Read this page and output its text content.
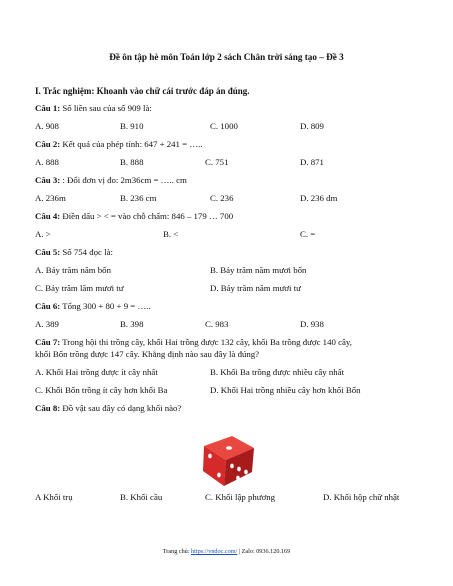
Đề ôn tập hè môn Toán lớp 2 sách Chân trời sáng tạo – Đề 3
I. Trắc nghiệm: Khoanh vào chữ cái trước đáp án đúng.
Câu 1: Số liền sau của số 909 là:
A. 908	B. 910	C. 1000	D. 809
Câu 2: Kết quả của phép tính: 647 + 241 = …..
A. 888	B. 888	C. 751	D. 871
Câu 3: : Đổi đơn vị đo: 2m36cm = ….. cm
A. 236m	B. 236 cm	C. 236	D. 236 dm
Câu 4: Điền dấu > < = vào chỗ chấm: 846 – 179 … 700
A. >	B. <	C. =
Câu 5: Số 754 đọc là:
A. Bảy trăm năm bốn	B. Bảy trăm năm mươi bốn
C. Bảy trăm lăm mươi tư	D. Bảy trăm năm mươi tư
Câu 6: Tổng 300 + 80 + 9 = …..
A. 389	B. 398	C. 983	D. 938
Câu 7: Trong hội thi trồng cây, khối Hai trồng được 132 cây, khối Ba trồng được 140 cây,
khối Bốn trồng được 147 cây. Khẳng định nào sau đây là đúng?
A. Khối Hai trồng được ít cây nhất	B. Khối Ba trồng được nhiều cây nhất
C. Khối Bốn trồng ít cây hơn khối Ba	D. Khối Hai trồng nhiều cây hơn khối Bốn
Câu 8: Đồ vật sau đây có dạng khối nào?
A Khối trụ	B. Khối cầu	C. Khối lập phương	D. Khối hộp chữ nhật
Trang chủ: https://vndoc.com/ | Zalo: 0936.120.169
